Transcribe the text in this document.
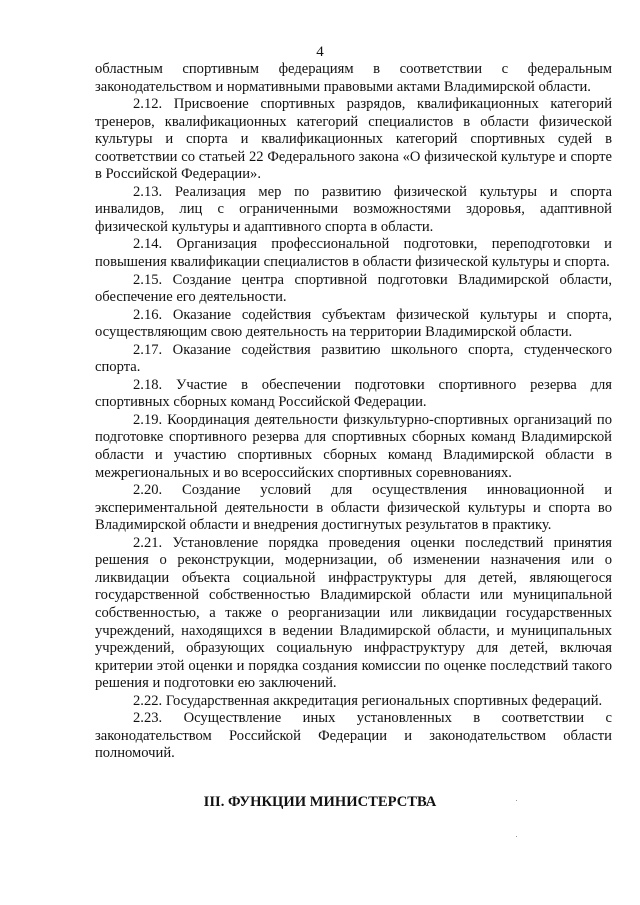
4

областным спортивным федерациям в соответствии с федеральным законодательством и нормативными правовыми актами Владимирской области.

2.12. Присвоение спортивных разрядов, квалификационных категорий тренеров, квалификационных категорий специалистов в области физической культуры и спорта и квалификационных категорий спортивных судей в соответствии со статьей 22 Федерального закона «О физической культуре и спорте в Российской Федерации».

2.13. Реализация мер по развитию физической культуры и спорта инвалидов, лиц с ограниченными возможностями здоровья, адаптивной физической культуры и адаптивного спорта в области.

2.14. Организация профессиональной подготовки, переподготовки и повышения квалификации специалистов в области физической культуры и спорта.

2.15. Создание центра спортивной подготовки Владимирской области, обеспечение его деятельности.

2.16. Оказание содействия субъектам физической культуры и спорта, осуществляющим свою деятельность на территории Владимирской области.

2.17. Оказание содействия развитию школьного спорта, студенческого спорта.

2.18. Участие в обеспечении подготовки спортивного резерва для спортивных сборных команд Российской Федерации.

2.19. Координация деятельности физкультурно-спортивных организаций по подготовке спортивного резерва для спортивных сборных команд Владимирской области и участию спортивных сборных команд Владимирской области в межрегиональных и во всероссийских спортивных соревнованиях.

2.20. Создание условий для осуществления инновационной и экспериментальной деятельности в области физической культуры и спорта во Владимирской области и внедрения достигнутых результатов в практику.

2.21. Установление порядка проведения оценки последствий принятия решения о реконструкции, модернизации, об изменении назначения или о ликвидации объекта социальной инфраструктуры для детей, являющегося государственной собственностью Владимирской области или муниципальной собственностью, а также о реорганизации или ликвидации государственных учреждений, находящихся в ведении Владимирской области, и муниципальных учреждений, образующих социальную инфраструктуру для детей, включая критерии этой оценки и порядка создания комиссии по оценке последствий такого решения и подготовки ею заключений.

2.22. Государственная аккредитация региональных спортивных федераций.

2.23. Осуществление иных установленных в соответствии с законодательством Российской Федерации и законодательством области полномочий.

III. ФУНКЦИИ МИНИСТЕРСТВА
